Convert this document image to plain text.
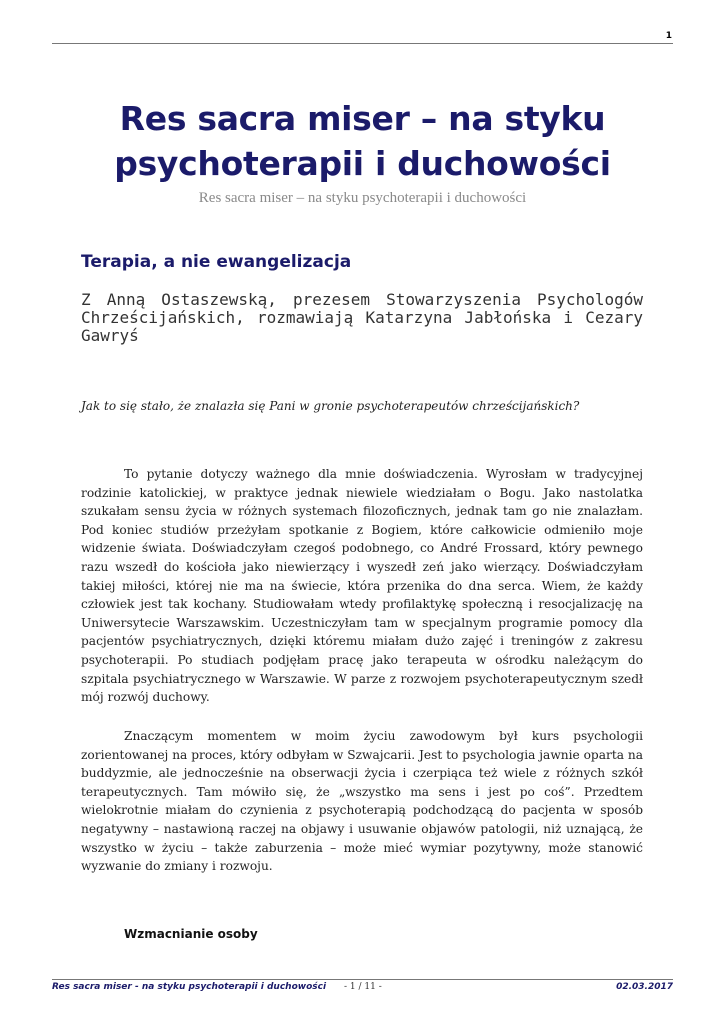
1
Res sacra miser – na styku psychoterapii i duchowości
Res sacra miser – na styku psychoterapii i duchowości
Terapia, a nie ewangelizacja

Z Anną Ostaszewską, prezesem Stowarzyszenia Psychologów Chrześcijańskich, rozmawiają Katarzyna Jabłońska i Cezary Gawryś

Jak to się stało, że znalazła się Pani w gronie psychoterapeutów chrześcijańskich?

To pytanie dotyczy ważnego dla mnie doświadczenia. Wyrosłam w tradycyjnej rodzinie katolickiej, w praktyce jednak niewiele wiedziałam o Bogu. Jako nastolatka szukałam sensu życia w różnych systemach filozoficznych, jednak tam go nie znalazłam. Pod koniec studiów przeżyłam spotkanie z Bogiem, które całkowicie odmieniło moje widzenie świata. Doświadczyłam czegoś podobnego, co André Frossard, który pewnego razu wszedł do kościoła jako niewierzący i wyszedł zeń jako wierzący. Doświadczyłam takiej miłości, której nie ma na świecie, która przenika do dna serca. Wiem, że każdy człowiek jest tak kochany. Studiowałam wtedy profilaktykę społeczną i resocjalizację na Uniwersytecie Warszawskim. Uczestniczyłam tam w specjalnym programie pomocy dla pacjentów psychiatrycznych, dzięki któremu miałam dużo zajęć i treningów z zakresu psychoterapii. Po studiach podjęłam pracę jako terapeuta w ośrodku należącym do szpitala psychiatrycznego w Warszawie. W parze z rozwojem psychoterapeutycznym szedł mój rozwój duchowy.

Znaczącym momentem w moim życiu zawodowym był kurs psychologii zorientowanej na proces, który odbyłam w Szwajcarii. Jest to psychologia jawnie oparta na buddyzmie, ale jednocześnie na obserwacji życia i czerpiąca też wiele z różnych szkół terapeutycznych. Tam mówiło się, że „wszystko ma sens i jest po coś”. Przedtem wielokrotnie miałam do czynienia z psychoterapią podchodzącą do pacjenta w sposób negatywny – nastawioną raczej na objawy i usuwanie objawów patologii, niż uznającą, że wszystko w życiu – także zaburzenia – może mieć wymiar pozytywny, może stanowić wyzwanie do zmiany i rozwoju.

Wzmacnianie osoby
Res sacra miser - na styku psychoterapii i duchowości - 1 / 11 -	02.03.2017
